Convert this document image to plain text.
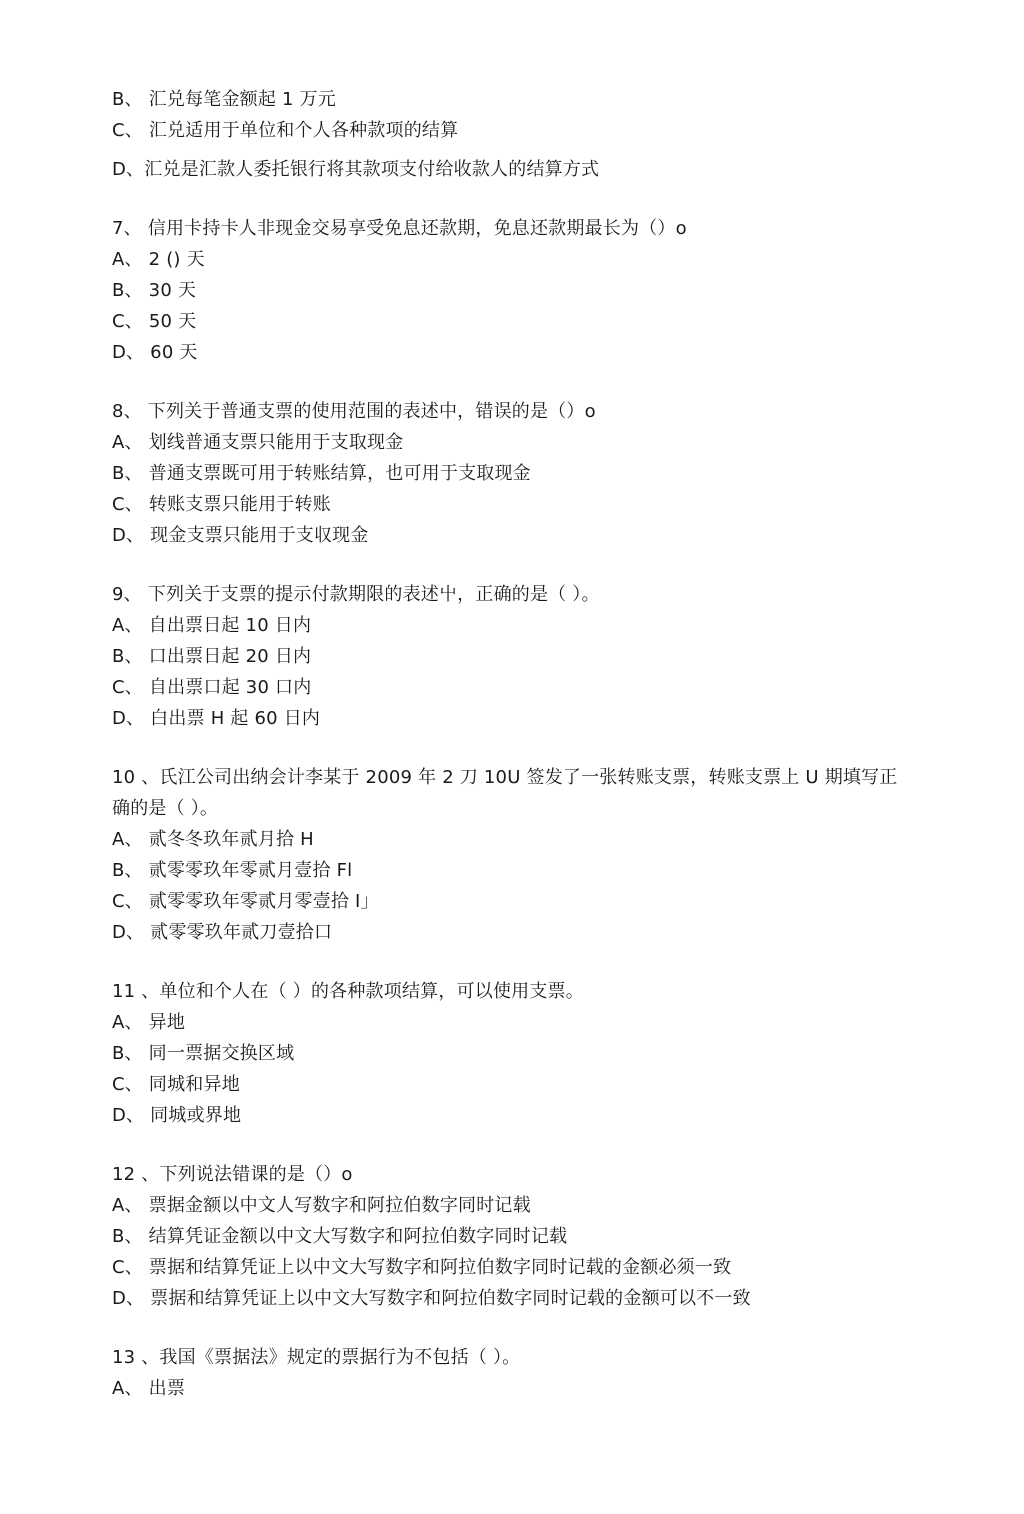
B、 汇兑每笔金额起 1 万元
C、 汇兑适用于单位和个人各种款项的结算
D、汇兑是汇款人委托银行将其款项支付给收款人的结算方式
7、 信用卡持卡人非现金交易享受免息还款期，免息还款期最长为（）o
A、 2 () 天
B、 30 天
C、 50 天
D、 60 天
8、 下列关于普通支票的使用范围的表述中，错误的是（）o
A、 划线普通支票只能用于支取现金
B、 普通支票既可用于转账结算，也可用于支取现金
C、 转账支票只能用于转账
D、 现金支票只能用于支収现金
9、 下列关于支票的提示付款期限的表述屮，正确的是（ ）。
A、 自出票日起 10 日内
B、 口出票日起 20 日内
C、 自出票口起 30 口内
D、 白出票 H 起 60 日内
10 、氏江公司出纳会计李某于 2009 年 2 刀 10U 签发了一张转账支票，转账支票上 U 期填写正确的是（ ）。
A、 贰冬冬玖年贰月拾 H
B、 贰零零玖年零贰月壹拾 Fl
C、 贰零零玖年零贰月零壹拾 I」
D、 贰零零玖年贰刀壹拾口
11 、单位和个人在（ ）的各种款项结算，可以使用支票。
A、 异地
B、 同一票据交换区域
C、 同城和异地
D、 同城或界地
12 、下列说法错课的是（）o
A、 票据金额以中文人写数字和阿拉伯数字同时记载
B、 结算凭证金额以中文大写数字和阿拉伯数字同时记载
C、 票据和结算凭证上以中文大写数字和阿拉伯数字同时记载的金额必须一致
D、 票据和结算凭证上以中文大写数字和阿拉伯数字同时记载的金额可以不一致
13 、我国《票据法》规定的票据行为不包括（ ）。
A、 出票
